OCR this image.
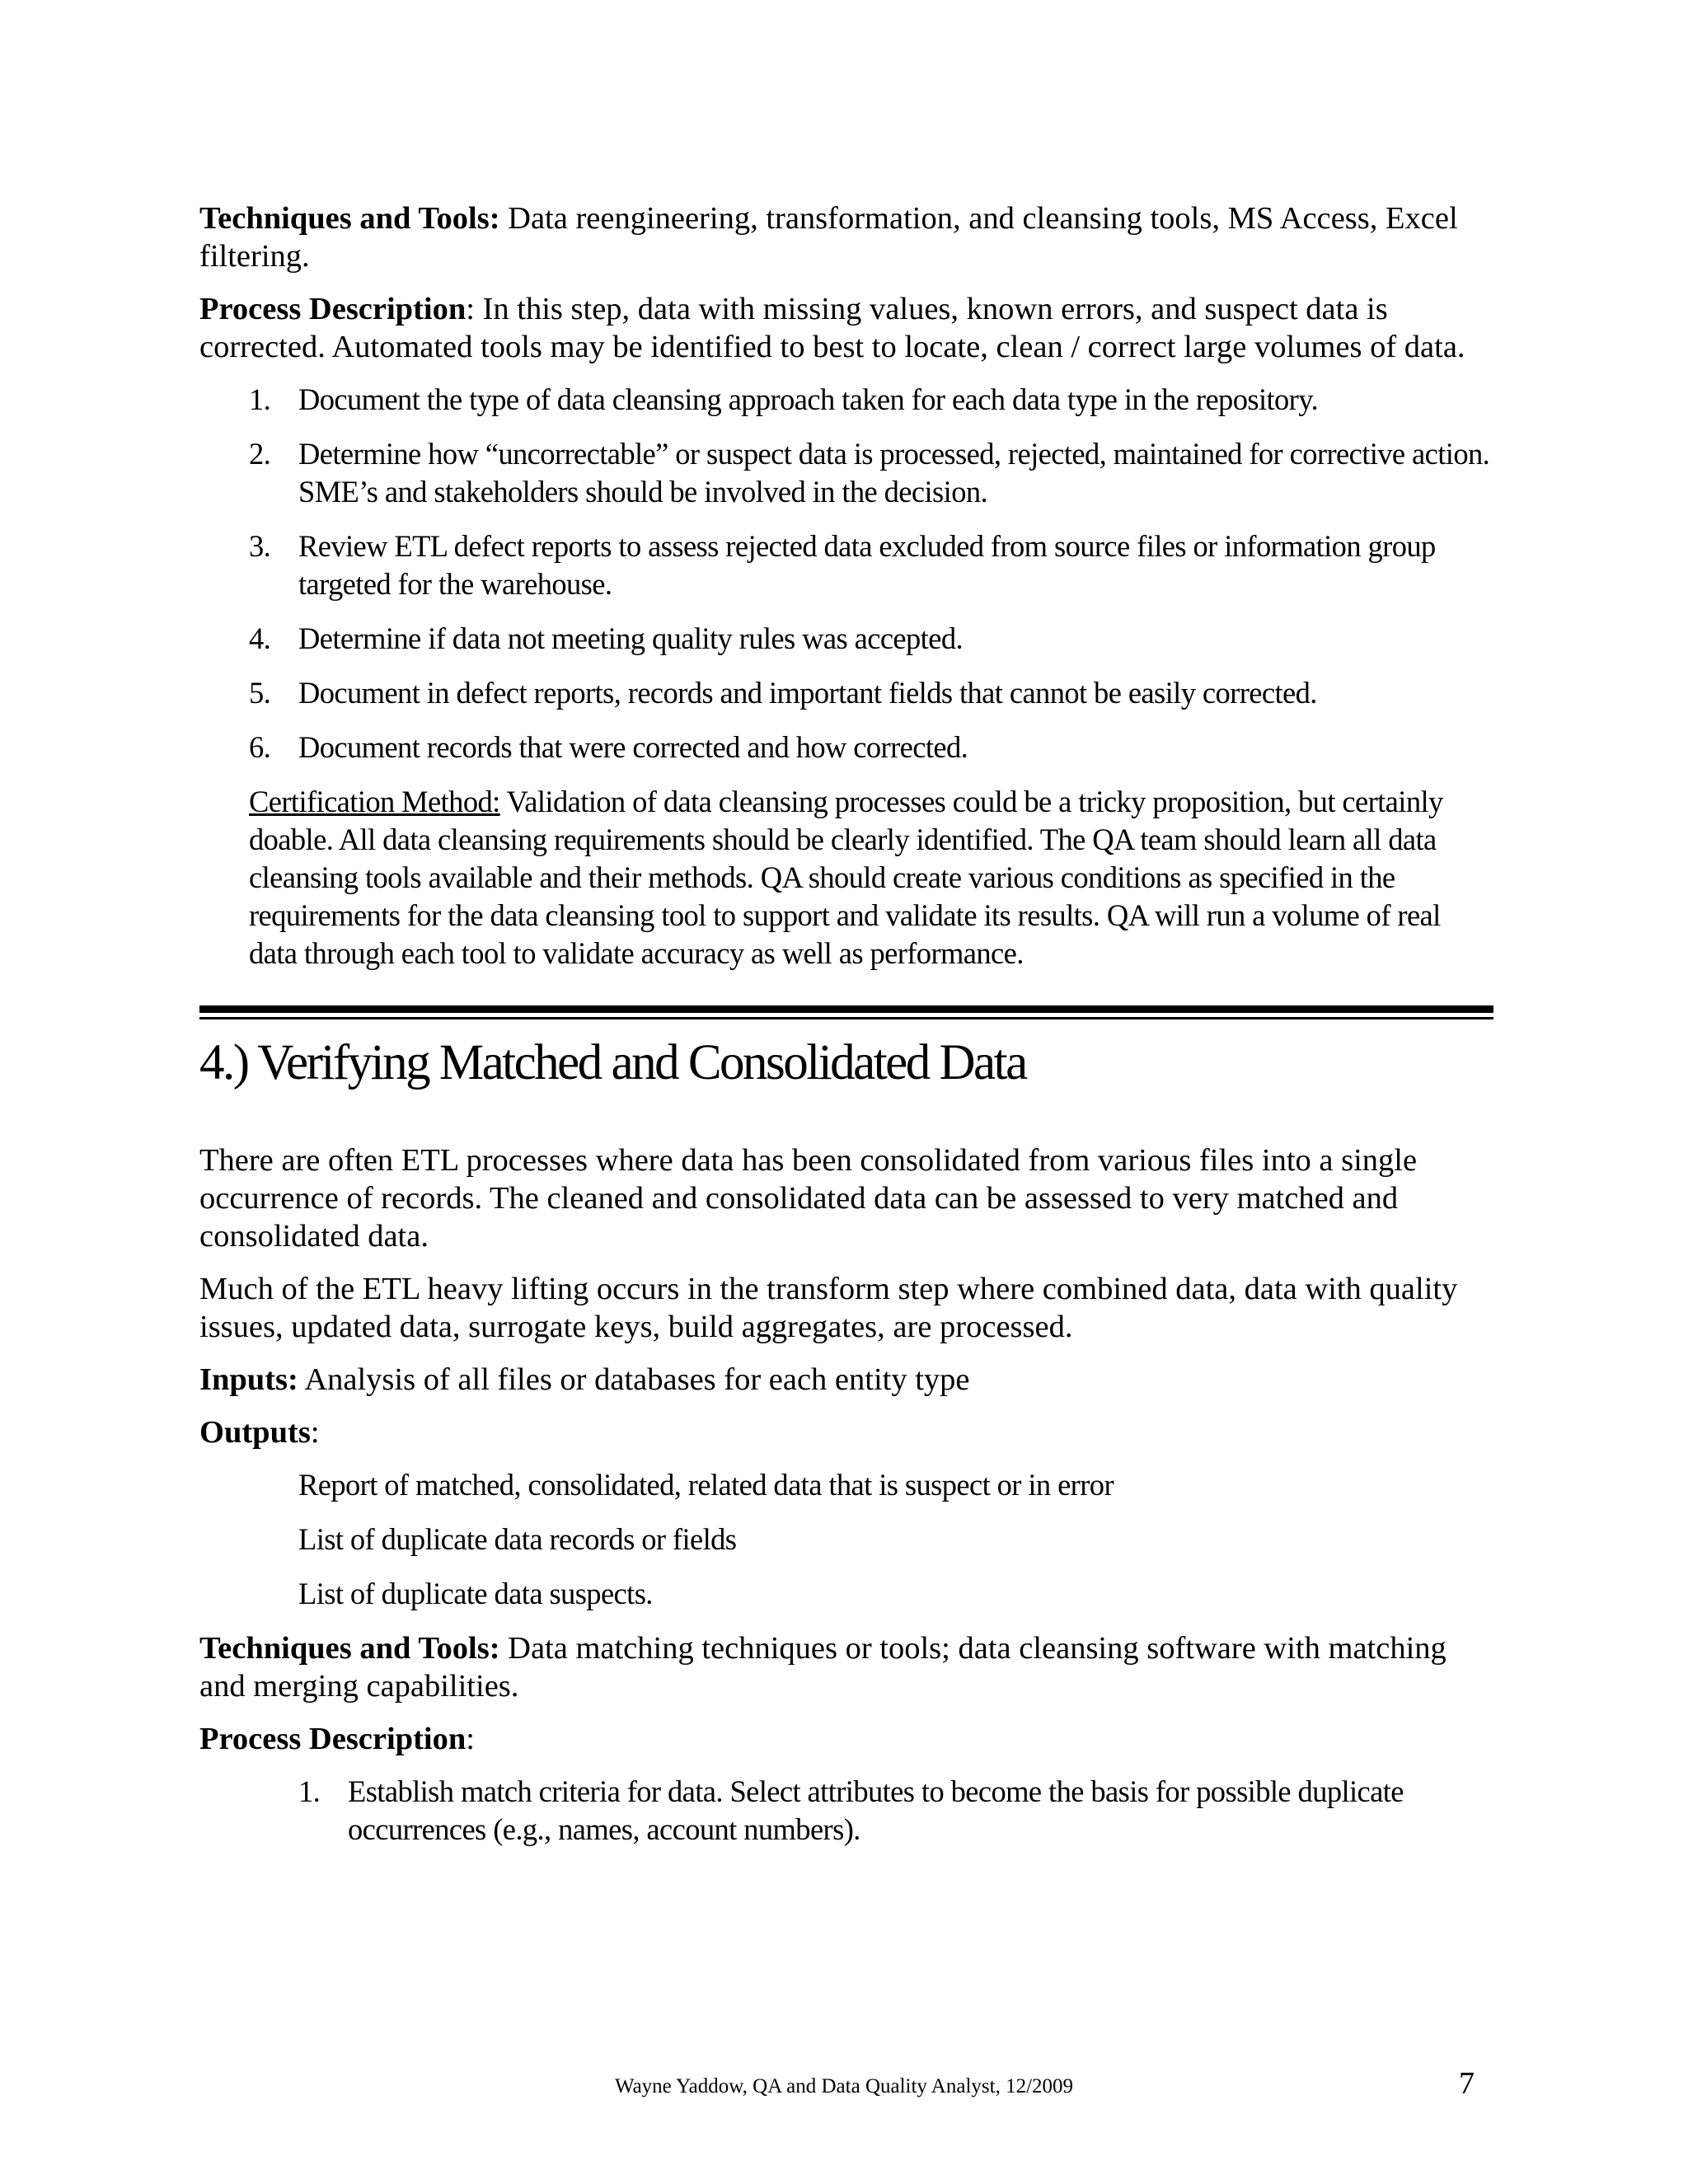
Techniques and Tools: Data reengineering, transformation, and cleansing tools, MS Access, Excel filtering.

Process Description: In this step, data with missing values, known errors, and suspect data is corrected. Automated tools may be identified to best to locate, clean / correct large volumes of data.

1. Document the type of data cleansing approach taken for each data type in the repository.
2. Determine how “uncorrectable” or suspect data is processed, rejected, maintained for corrective action. SME’s and stakeholders should be involved in the decision.
3. Review ETL defect reports to assess rejected data excluded from source files or information group targeted for the warehouse.
4. Determine if data not meeting quality rules was accepted.
5. Document in defect reports, records and important fields that cannot be easily corrected.
6. Document records that were corrected and how corrected.

Certification Method: Validation of data cleansing processes could be a tricky proposition, but certainly doable. All data cleansing requirements should be clearly identified. The QA team should learn all data cleansing tools available and their methods. QA should create various conditions as specified in the requirements for the data cleansing tool to support and validate its results. QA will run a volume of real data through each tool to validate accuracy as well as performance.

4.) Verifying Matched and Consolidated Data

There are often ETL processes where data has been consolidated from various files into a single occurrence of records. The cleaned and consolidated data can be assessed to very matched and consolidated data.

Much of the ETL heavy lifting occurs in the transform step where combined data, data with quality issues, updated data, surrogate keys, build aggregates, are processed.

Inputs: Analysis of all files or databases for each entity type

Outputs:

Report of matched, consolidated, related data that is suspect or in error
List of duplicate data records or fields
List of duplicate data suspects.

Techniques and Tools: Data matching techniques or tools; data cleansing software with matching and merging capabilities.

Process Description:

1. Establish match criteria for data. Select attributes to become the basis for possible duplicate occurrences (e.g., names, account numbers).
Wayne Yaddow, QA and Data Quality Analyst, 12/2009	7
